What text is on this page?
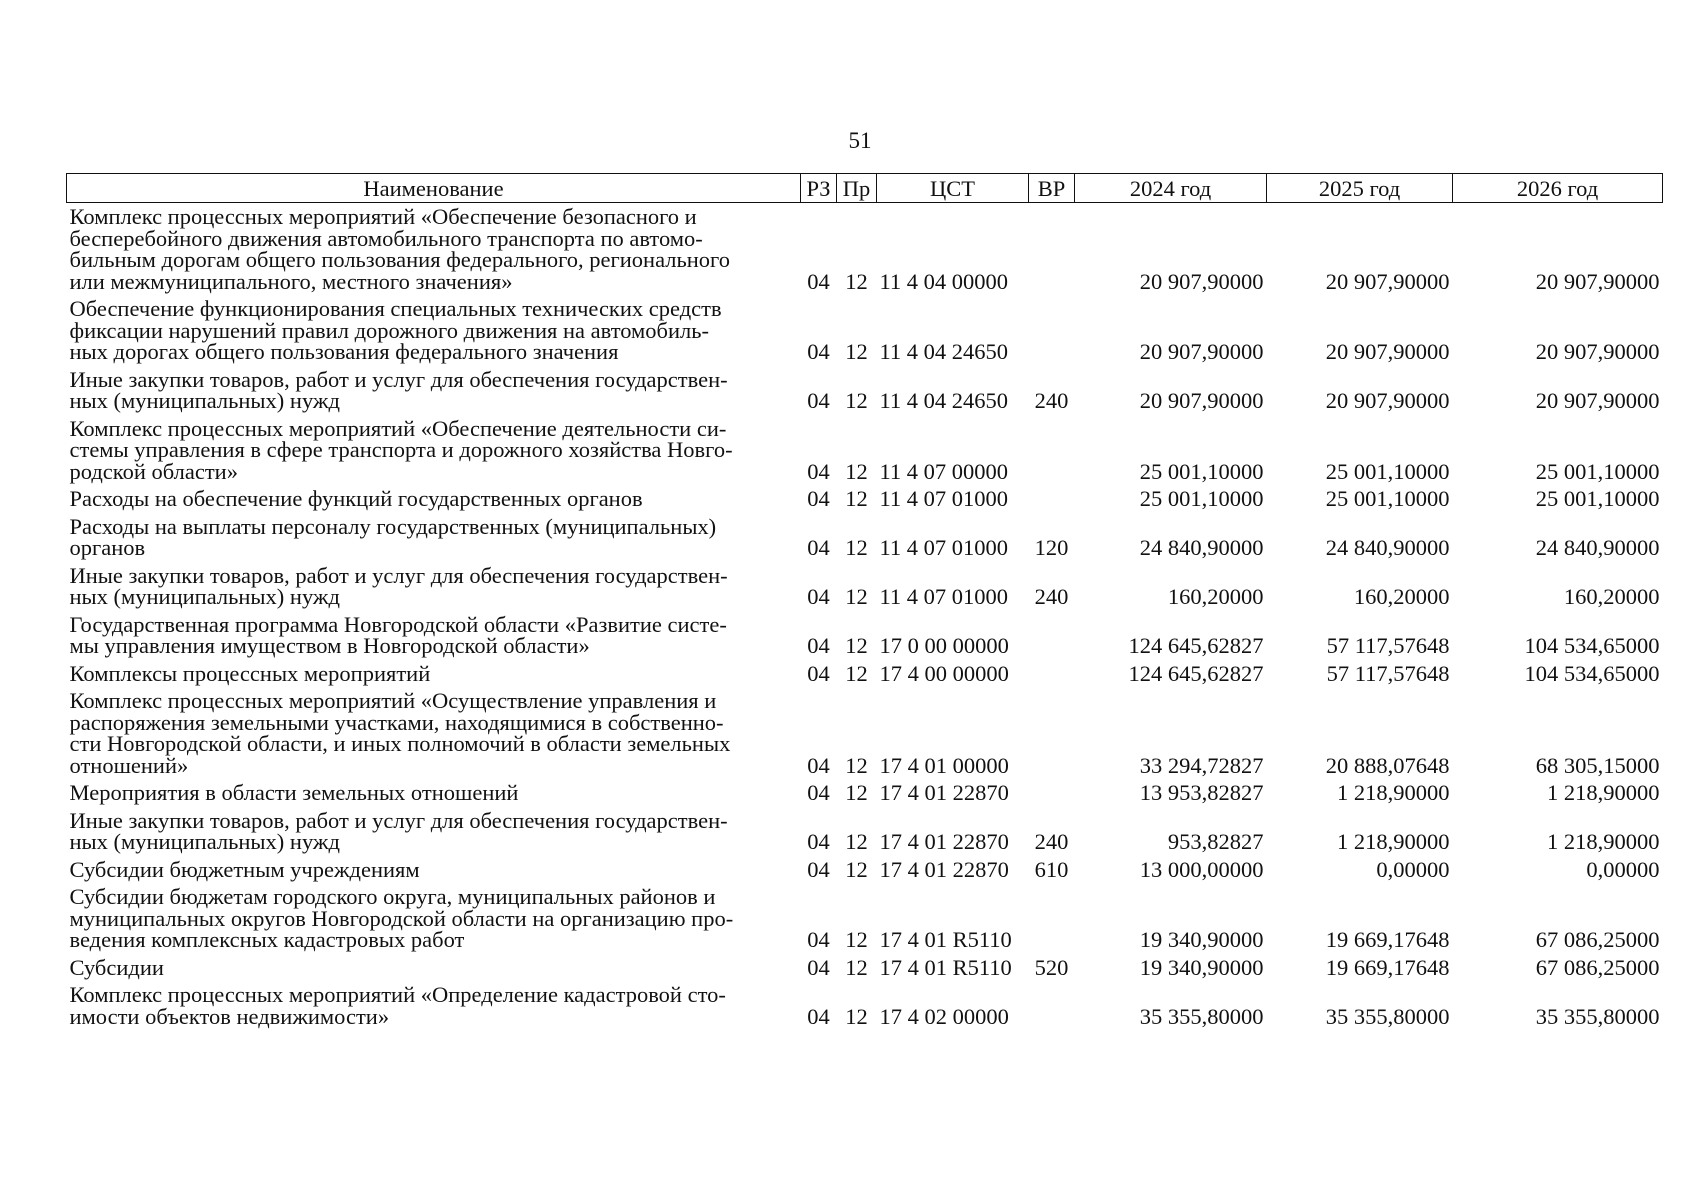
51
Наименование	РЗ	Пр	ЦСТ	ВР	2024 год	2025 год	2026 год

Комплекс процессных мероприятий «Обеспечение безопасного и
бесперебойного движения автомобильного транспорта по автомо-
бильным дорогам общего пользования федерального, регионального
или межмуниципального, местного значения»	04	12	11 4 04 00000		20 907,90000	20 907,90000	20 907,90000

Обеспечение функционирования специальных технических средств
фиксации нарушений правил дорожного движения на автомобиль-
ных дорогах общего пользования федерального значения	04	12	11 4 04 24650		20 907,90000	20 907,90000	20 907,90000

Иные закупки товаров, работ и услуг для обеспечения государствен-
ных (муниципальных) нужд	04	12	11 4 04 24650	240	20 907,90000	20 907,90000	20 907,90000

Комплекс процессных мероприятий «Обеспечение деятельности си-
стемы управления в сфере транспорта и дорожного хозяйства Новго-
родской области»	04	12	11 4 07 00000		25 001,10000	25 001,10000	25 001,10000

Расходы на обеспечение функций государственных органов	04	12	11 4 07 01000		25 001,10000	25 001,10000	25 001,10000

Расходы на выплаты персоналу государственных (муниципальных)
органов	04	12	11 4 07 01000	120	24 840,90000	24 840,90000	24 840,90000

Иные закупки товаров, работ и услуг для обеспечения государствен-
ных (муниципальных) нужд	04	12	11 4 07 01000	240	160,20000	160,20000	160,20000

Государственная программа Новгородской области «Развитие систе-
мы управления имуществом в Новгородской области»	04	12	17 0 00 00000		124 645,62827	57 117,57648	104 534,65000

Комплексы процессных мероприятий	04	12	17 4 00 00000		124 645,62827	57 117,57648	104 534,65000

Комплекс процессных мероприятий «Осуществление управления и
распоряжения земельными участками, находящимися в собственно-
сти Новгородской области, и иных полномочий в области земельных
отношений»	04	12	17 4 01 00000		33 294,72827	20 888,07648	68 305,15000

Мероприятия в области земельных отношений	04	12	17 4 01 22870		13 953,82827	1 218,90000	1 218,90000

Иные закупки товаров, работ и услуг для обеспечения государствен-
ных (муниципальных) нужд	04	12	17 4 01 22870	240	953,82827	1 218,90000	1 218,90000

Субсидии бюджетным учреждениям	04	12	17 4 01 22870	610	13 000,00000	0,00000	0,00000

Субсидии бюджетам городского округа, муниципальных районов и
муниципальных округов Новгородской области на организацию про-
ведения комплексных кадастровых работ	04	12	17 4 01 R5110		19 340,90000	19 669,17648	67 086,25000

Субсидии	04	12	17 4 01 R5110	520	19 340,90000	19 669,17648	67 086,25000

Комплекс процессных мероприятий «Определение кадастровой сто-
имости объектов недвижимости»	04	12	17 4 02 00000		35 355,80000	35 355,80000	35 355,80000
